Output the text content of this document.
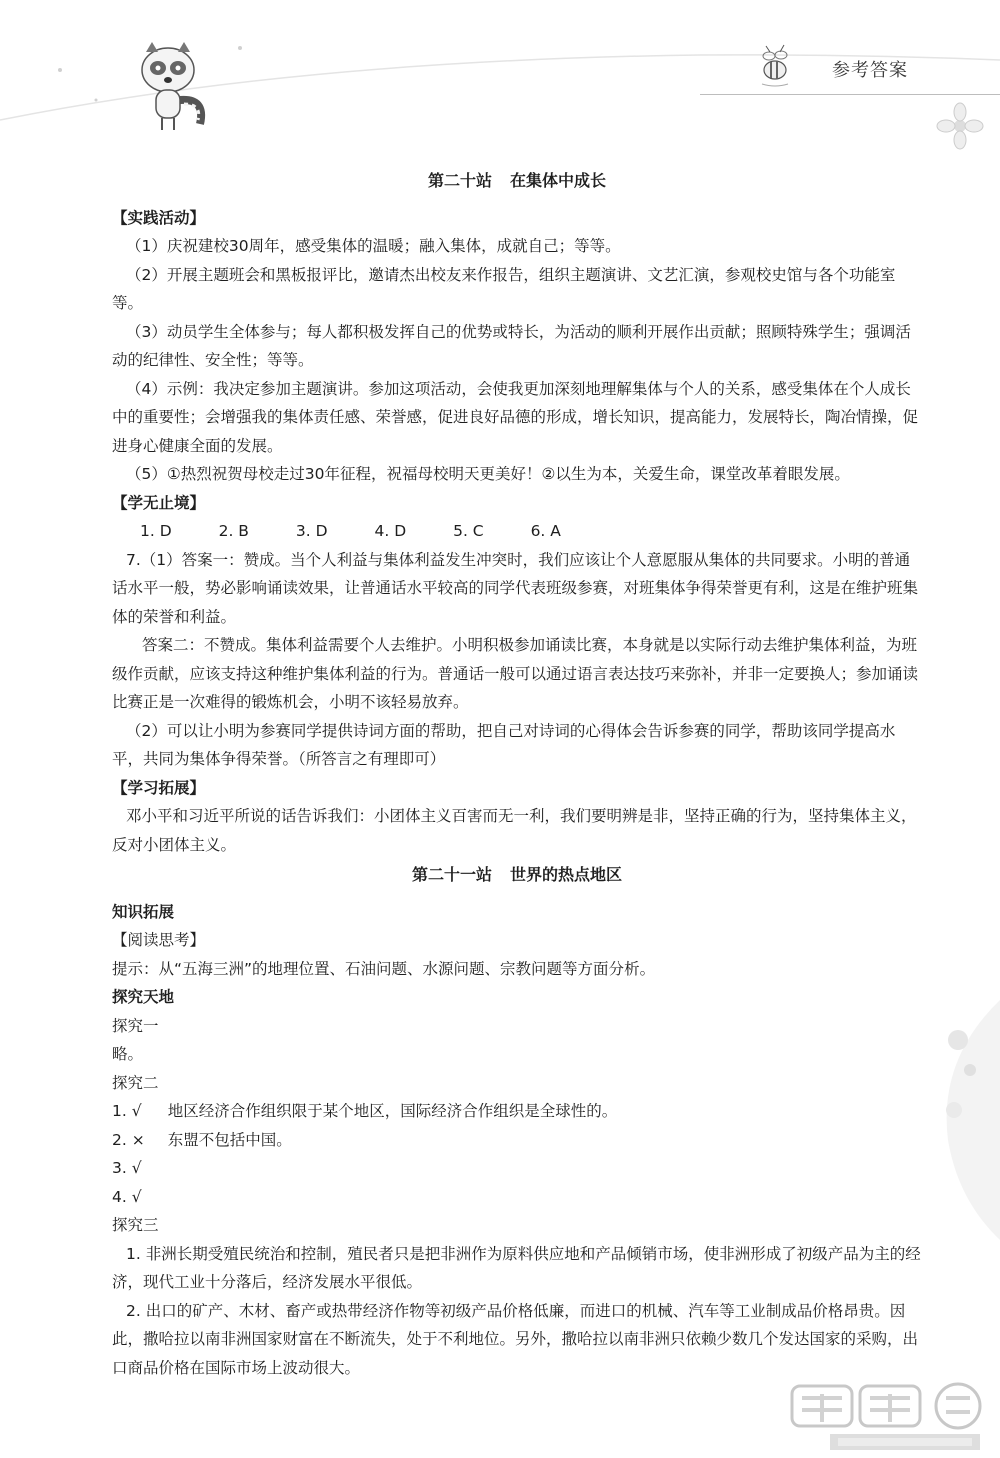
参考答案

第二十站 在集体中成长

【实践活动】

（1）庆祝建校30周年，感受集体的温暖；融入集体，成就自己；等等。

（2）开展主题班会和黑板报评比，邀请杰出校友来作报告，组织主题演讲、文艺汇演，参观校史馆与各个功能室等。

（3）动员学生全体参与；每人都积极发挥自己的优势或特长，为活动的顺利开展作出贡献；照顾特殊学生；强调活动的纪律性、安全性；等等。

（4）示例：我决定参加主题演讲。参加这项活动，会使我更加深刻地理解集体与个人的关系，感受集体在个人成长中的重要性；会增强我的集体责任感、荣誉感，促进良好品德的形成，增长知识，提高能力，发展特长，陶冶情操，促进身心健康全面的发展。

（5）①热烈祝贺母校走过30年征程，祝福母校明天更美好！②以生为本，关爱生命，课堂改革着眼发展。

【学无止境】

1. D	2. B	3. D	4. D	5. C	6. A

7.（1）答案一：赞成。当个人利益与集体利益发生冲突时，我们应该让个人意愿服从集体的共同要求。小明的普通话水平一般，势必影响诵读效果，让普通话水平较高的同学代表班级参赛，对班集体争得荣誉更有利，这是在维护班集体的荣誉和利益。

答案二：不赞成。集体利益需要个人去维护。小明积极参加诵读比赛，本身就是以实际行动去维护集体利益，为班级作贡献，应该支持这种维护集体利益的行为。普通话一般可以通过语言表达技巧来弥补，并非一定要换人；参加诵读比赛正是一次难得的锻炼机会，小明不该轻易放弃。

（2）可以让小明为参赛同学提供诗词方面的帮助，把自己对诗词的心得体会告诉参赛的同学，帮助该同学提高水平，共同为集体争得荣誉。（所答言之有理即可）

【学习拓展】

邓小平和习近平所说的话告诉我们：小团体主义百害而无一利，我们要明辨是非，坚持正确的行为，坚持集体主义，反对小团体主义。

第二十一站 世界的热点地区

知识拓展

【阅读思考】

提示：从“五海三洲”的地理位置、石油问题、水源问题、宗教问题等方面分析。

探究天地

探究一

略。

探究二

1. √ 地区经济合作组织限于某个地区，国际经济合作组织是全球性的。

2. × 东盟不包括中国。

3. √

4. √

探究三

1. 非洲长期受殖民统治和控制，殖民者只是把非洲作为原料供应地和产品倾销市场，使非洲形成了初级产品为主的经济，现代工业十分落后，经济发展水平很低。

2. 出口的矿产、木材、畜产或热带经济作物等初级产品价格低廉，而进口的机械、汽车等工业制成品价格昂贵。因此，撒哈拉以南非洲国家财富在不断流失，处于不利地位。另外，撒哈拉以南非洲只依赖少数几个发达国家的采购，出口商品价格在国际市场上波动很大。
